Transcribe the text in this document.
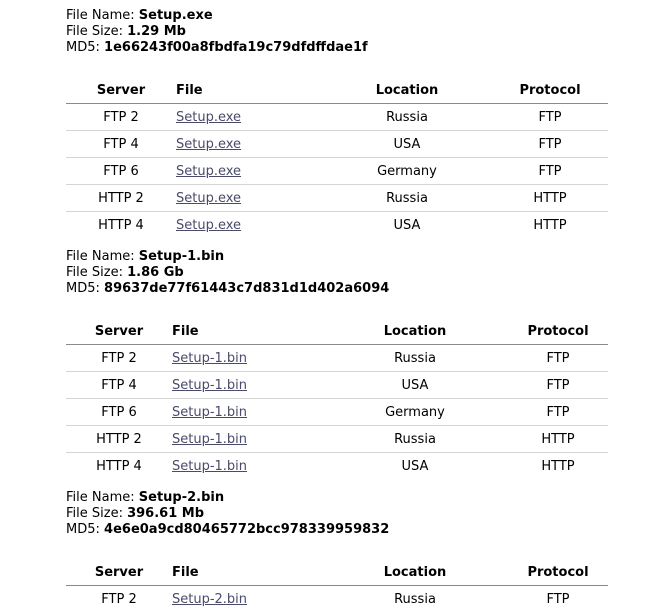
File Name: Setup.exe
File Size: 1.29 Mb
MD5: 1e66243f00a8fbdfa19c79dfdffdae1f
Server	File	Location	Protocol
FTP 2	Setup.exe	Russia	FTP
FTP 4	Setup.exe	USA	FTP
FTP 6	Setup.exe	Germany	FTP
HTTP 2	Setup.exe	Russia	HTTP
HTTP 4	Setup.exe	USA	HTTP
File Name: Setup-1.bin
File Size: 1.86 Gb
MD5: 89637de77f61443c7d831d1d402a6094
Server	File	Location	Protocol
FTP 2	Setup-1.bin	Russia	FTP
FTP 4	Setup-1.bin	USA	FTP
FTP 6	Setup-1.bin	Germany	FTP
HTTP 2	Setup-1.bin	Russia	HTTP
HTTP 4	Setup-1.bin	USA	HTTP
File Name: Setup-2.bin
File Size: 396.61 Mb
MD5: 4e6e0a9cd80465772bcc978339959832
Server	File	Location	Protocol
FTP 2	Setup-2.bin	Russia	FTP
